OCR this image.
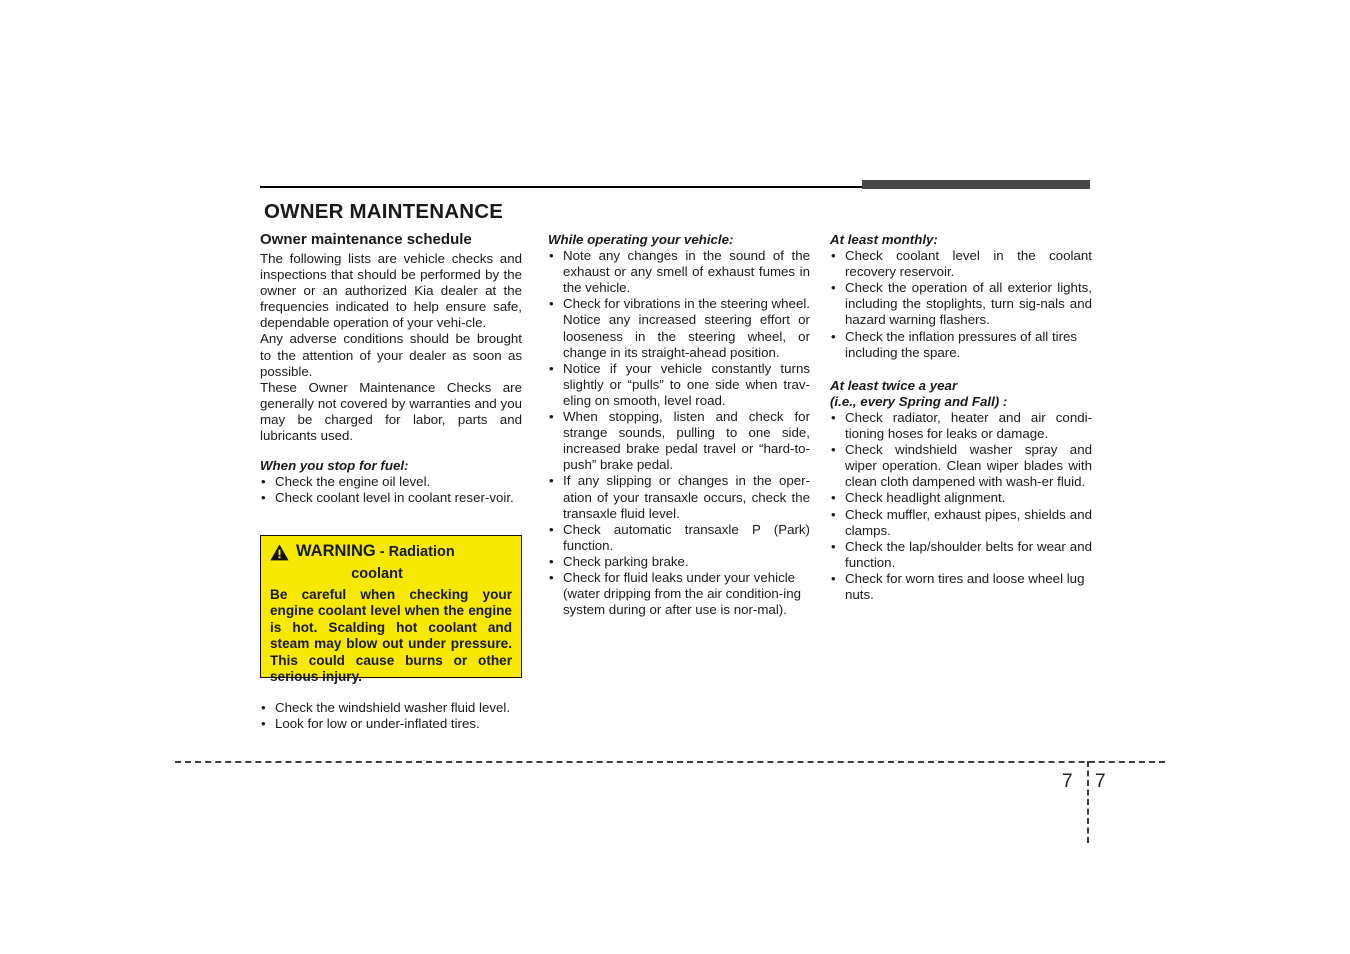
OWNER MAINTENANCE
Owner maintenance schedule

The following lists are vehicle checks and inspections that should be performed by the owner or an authorized Kia dealer at the frequencies indicated to help ensure safe, dependable operation of your vehi-cle.

Any adverse conditions should be brought to the attention of your dealer as soon as possible.

These Owner Maintenance Checks are generally not covered by warranties and you may be charged for labor, parts and lubricants used.

When you stop for fuel:
• Check the engine oil level.
• Check coolant level in coolant reser-voir.
WARNING - Radiation
coolant

Be careful when checking your engine coolant level when the engine is hot. Scalding hot coolant and steam may blow out under pressure. This could cause burns or other serious injury.

• Check the windshield washer fluid level.
• Look for low or under-inflated tires.
While operating your vehicle:
• Note any changes in the sound of the exhaust or any smell of exhaust fumes in the vehicle.
• Check for vibrations in the steering wheel. Notice any increased steering effort or looseness in the steering wheel, or change in its straight-ahead position.
• Notice if your vehicle constantly turns slightly or “pulls” to one side when trav-eling on smooth, level road.
• When stopping, listen and check for strange sounds, pulling to one side, increased brake pedal travel or “hard-to-push” brake pedal.
• If any slipping or changes in the oper-ation of your transaxle occurs, check the transaxle fluid level.
• Check automatic transaxle P (Park) function.
• Check parking brake.
• Check for fluid leaks under your vehicle (water dripping from the air condition-ing system during or after use is nor-mal).
At least monthly:
• Check coolant level in the coolant recovery reservoir.
• Check the operation of all exterior lights, including the stoplights, turn sig-nals and hazard warning flashers.
• Check the inflation pressures of all tires including the spare.
At least twice a year
(i.e., every Spring and Fall) :
• Check radiator, heater and air condi-tioning hoses for leaks or damage.
• Check windshield washer spray and wiper operation. Clean wiper blades with clean cloth dampened with wash-er fluid.
• Check headlight alignment.
• Check muffler, exhaust pipes, shields and clamps.
• Check the lap/shoulder belts for wear and function.
• Check for worn tires and loose wheel lug nuts.
7 7
